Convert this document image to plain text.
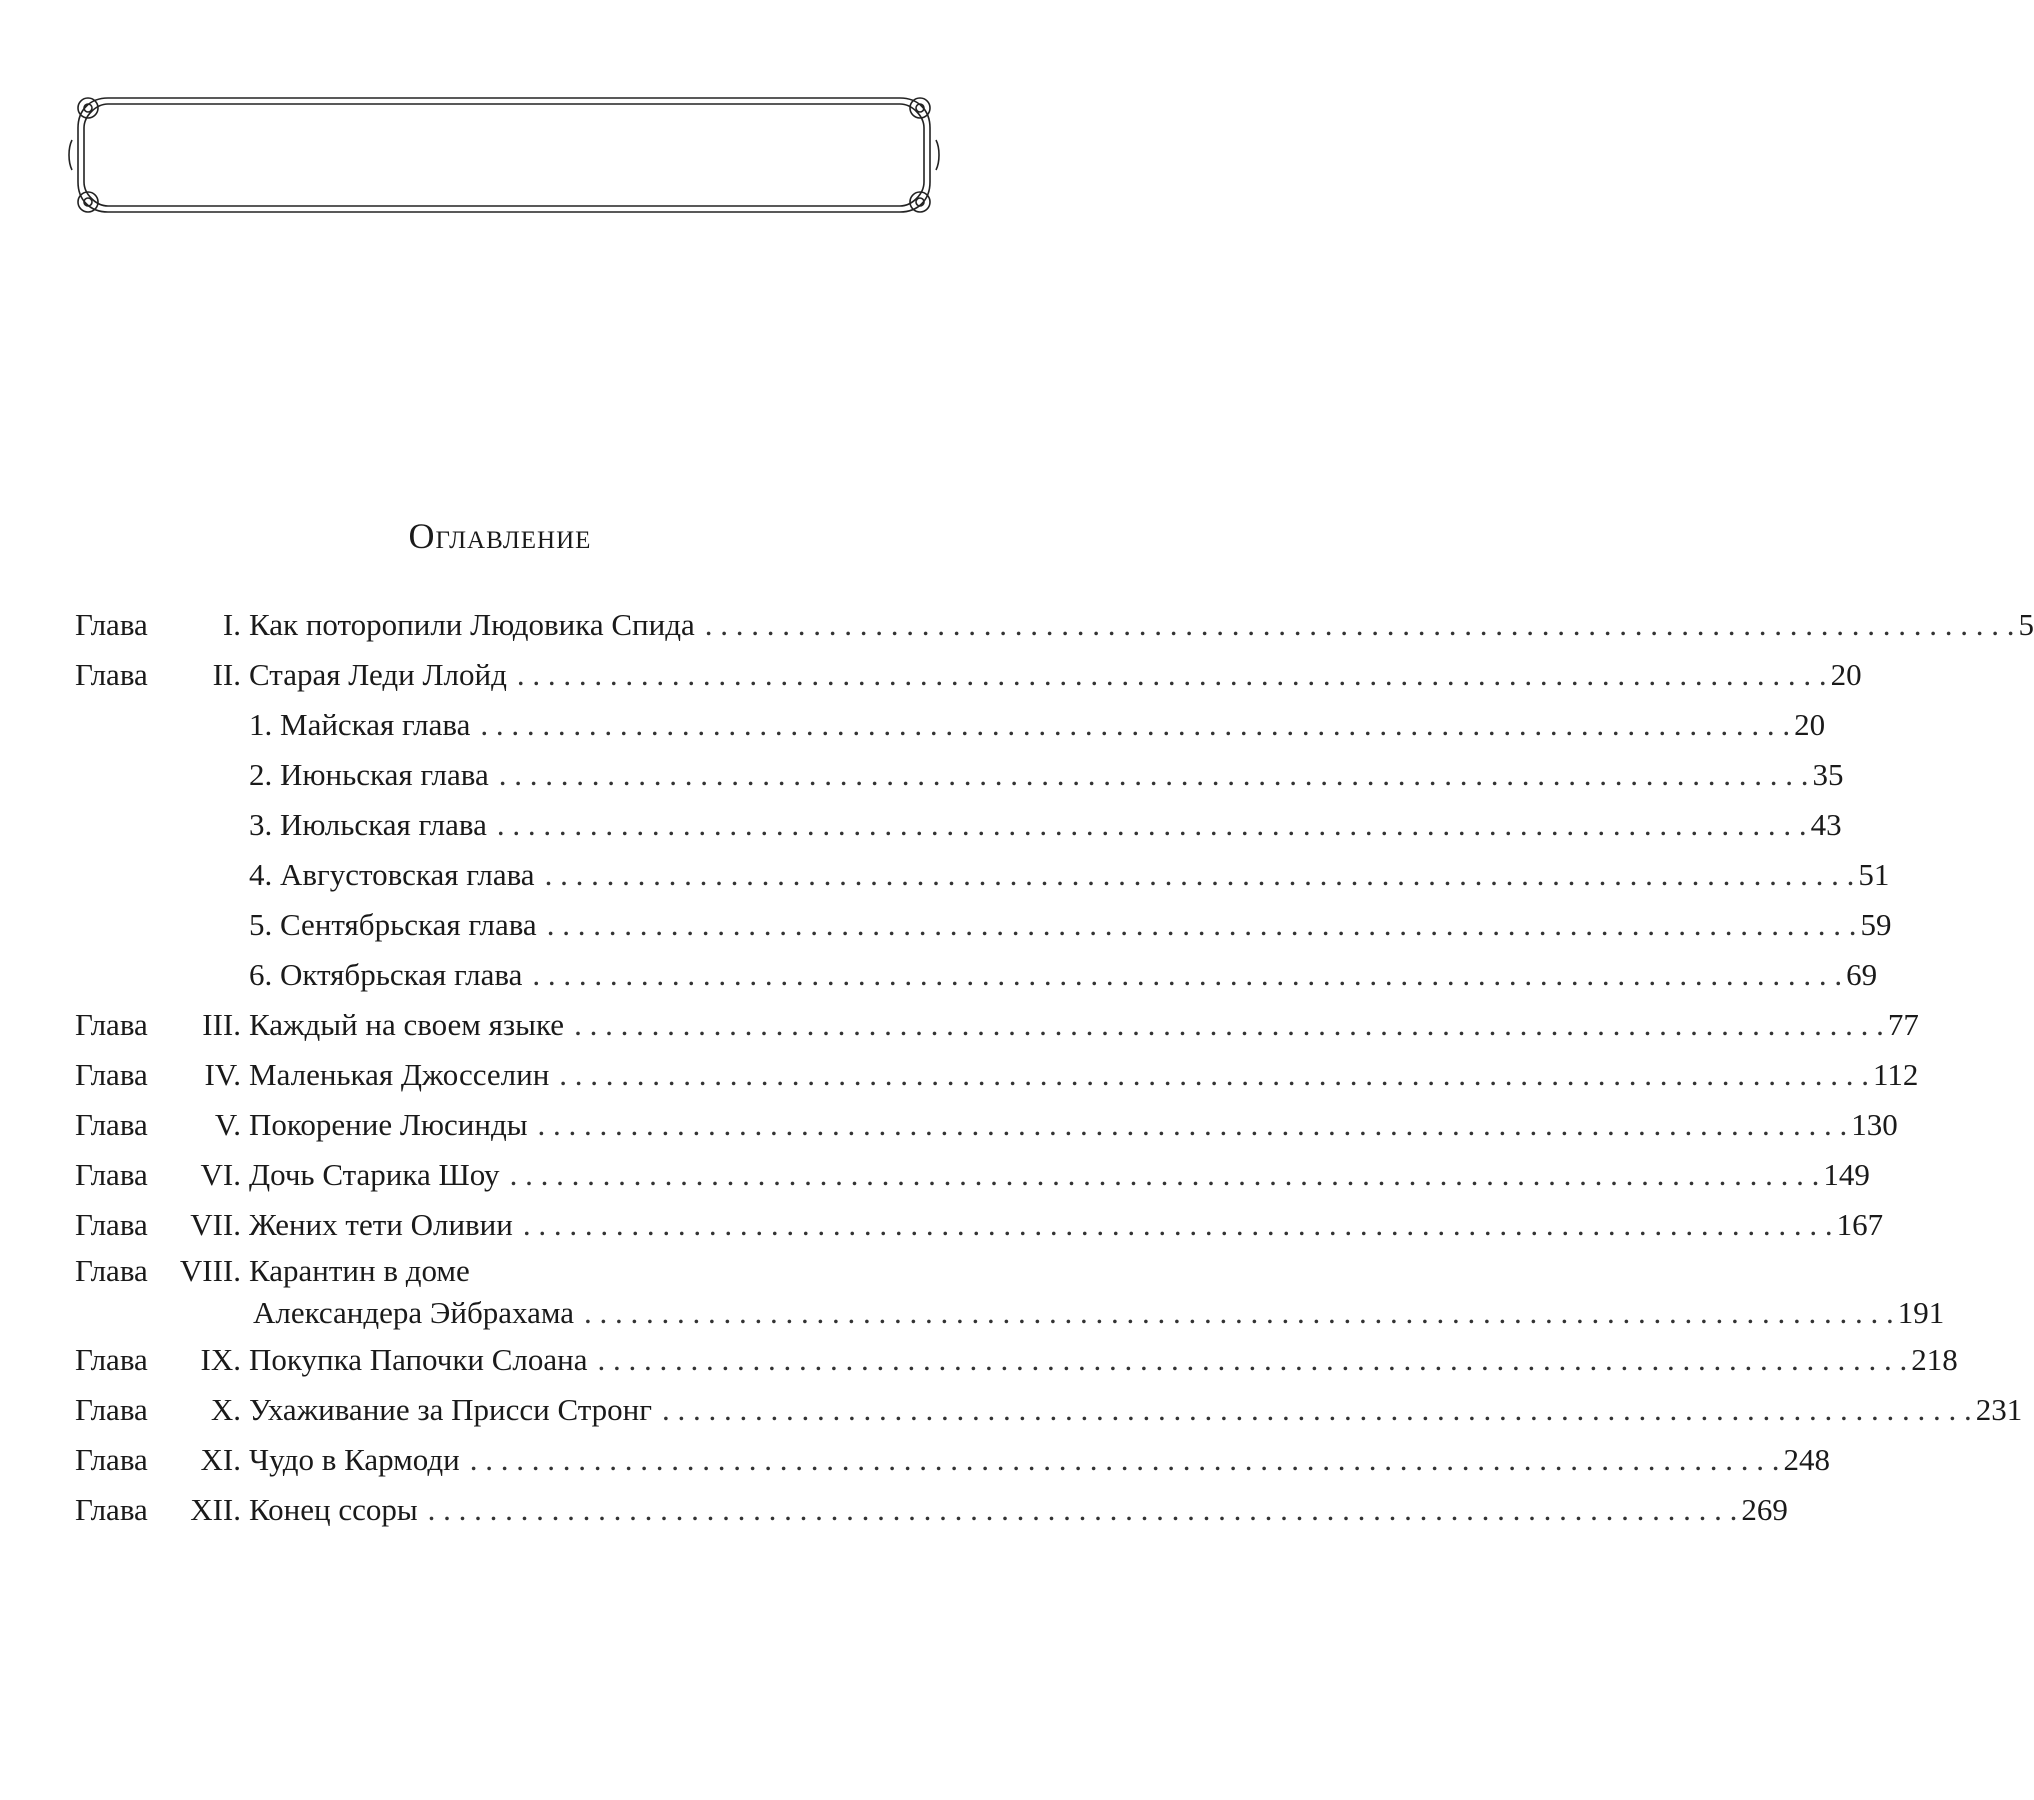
Оглавление
Глава	I. Как поторопили Людовика Спида . . .	5
Глава	II. Старая Леди Ллойд . . .	20
1. Майская глава . . .	20
2. Июньская глава . . .	35
3. Июльская глава . . .	43
4. Августовская глава . . .	51
5. Сентябрьская глава . . .	59
6. Октябрьская глава . . .	69
Глава	III. Каждый на своем языке . . .	77
Глава	IV. Маленькая Джосселин . . .	112
Глава	V. Покорение Люсинды . . .	130
Глава	VI. Дочь Старика Шоу . . .	149
Глава	VII. Жених тети Оливии . . .	167
Глава	VIII. Карантин в доме
Александера Эйбрахама . . .	191
Глава	IX. Покупка Папочки Слоана . . .	218
Глава	X. Ухаживание за Присси Стронг . . .	231
Глава	XI. Чудо в Кармоди . . .	248
Глава	XII. Конец ссоры . . .	269
